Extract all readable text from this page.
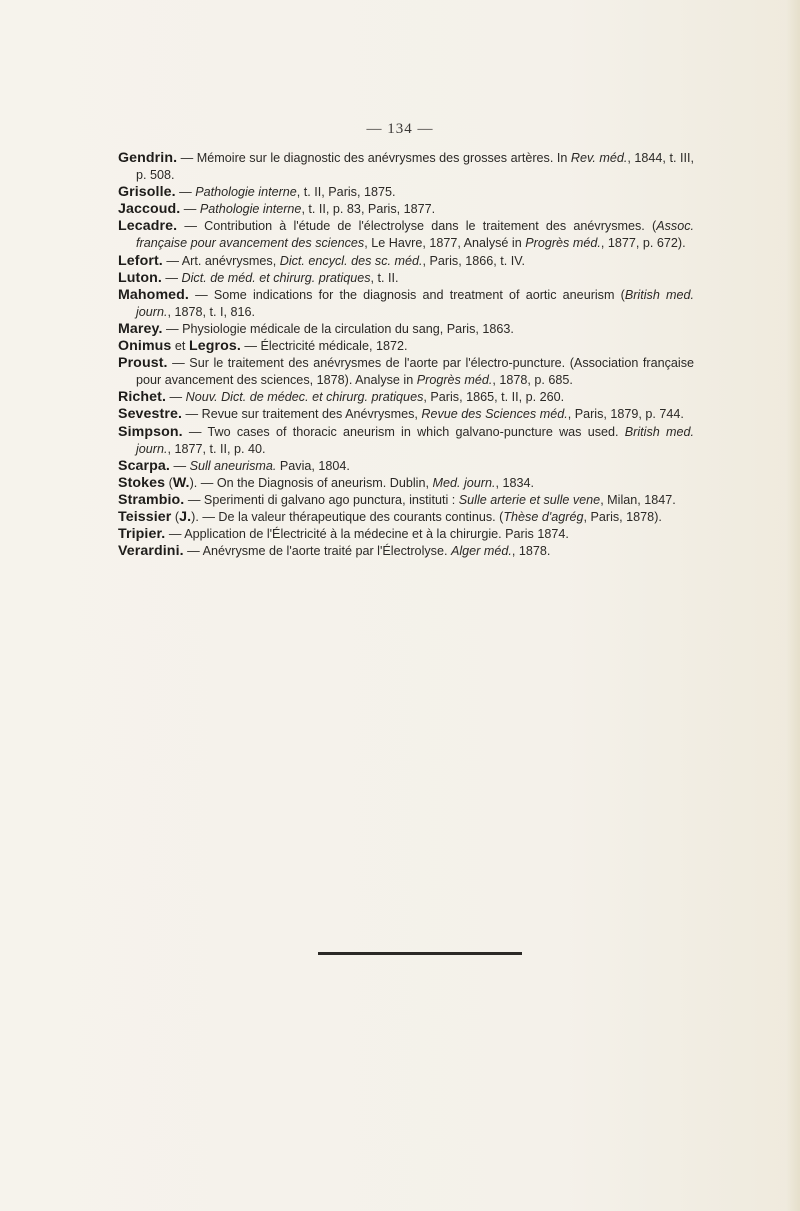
— 134 —
Gendrin. — Mémoire sur le diagnostic des anévrysmes des grosses artères. In Rev. méd., 1844, t. III, p. 508.
Grisolle. — Pathologie interne, t. II, Paris, 1875.
Jaccoud. — Pathologie interne, t. II, p. 83, Paris, 1877.
Lecadre. — Contribution à l'étude de l'électrolyse dans le traitement des anévrysmes. (Assoc. française pour avancement des sciences, Le Havre, 1877, Analysé in Progrès méd., 1877, p. 672).
Lefort. — Art. anévrysmes, Dict. encycl. des sc. méd., Paris, 1866, t. IV.
Luton. — Dict. de méd. et chirurg. pratiques, t. II.
Mahomed. — Some indications for the diagnosis and treatment of aortic aneurism (British med. journ., 1878, t. I, 816.
Marey. — Physiologie médicale de la circulation du sang, Paris, 1863.
Onimus et Legros. — Électricité médicale, 1872.
Proust. — Sur le traitement des anévrysmes de l'aorte par l'électro-puncture. (Association française pour avancement des sciences, 1878). Analyse in Progrès méd., 1878, p. 685.
Richet. — Nouv. Dict. de médec. et chirurg. pratiques, Paris, 1865, t. II, p. 260.
Sevestre. — Revue sur traitement des Anévrysmes, Revue des Sciences méd., Paris, 1879, p. 744.
Simpson. — Two cases of thoracic aneurism in which galvano-puncture was used. British med. journ., 1877, t. II, p. 40.
Scarpa. — Sull aneurisma. Pavia, 1804.
Stokes (W.). — On the Diagnosis of aneurism. Dublin, Med. journ., 1834.
Strambio. — Sperimenti di galvano ago punctura, instituti : Sulle arterie et sulle vene, Milan, 1847.
Teissier (J.). — De la valeur thérapeutique des courants continus. (Thèse d'agrég, Paris, 1878).
Tripier. — Application de l'Électricité à la médecine et à la chirurgie. Paris 1874.
Verardini. — Anévrysme de l'aorte traité par l'Électrolyse. Alger méd., 1878.
